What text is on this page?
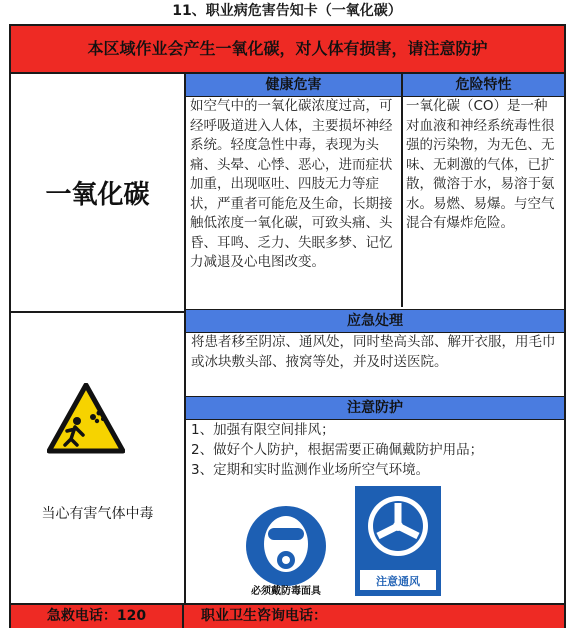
11、职业病危害告知卡（一氧化碳）
本区域作业会产生一氧化碳，对人体有损害，请注意防护
一氧化碳
健康危害	危险特性
如空气中的一氧化碳浓度过高，可经呼吸道进入人体，主要损坏神经系统。轻度急性中毒，表现为头痛、头晕、心悸、恶心，进而症状加重，出现呕吐、四肢无力等症状，严重者可能危及生命，长期接触低浓度一氧化碳，可致头痛、头昏、耳鸣、乏力、失眠多梦、记忆力减退及心电图改变。
一氧化碳（CO）是一种对血液和神经系统毒性很强的污染物，为无色、无味、无刺激的气体，已扩散，微溶于水，易溶于氨水。易燃、易爆。与空气混合有爆炸危险。
当心有害气体中毒
应急处理
将患者移至阴凉、通风处，同时垫高头部、解开衣服，用毛巾或冰块敷头部、掖窝等处，并及时送医院。
注意防护
1、加强有限空间排风；
2、做好个人防护，根据需要正确佩戴防护用品；
3、定期和实时监测作业场所空气环境。
必须戴防毒面具
注意通风
急救电话：120	职业卫生咨询电话：
